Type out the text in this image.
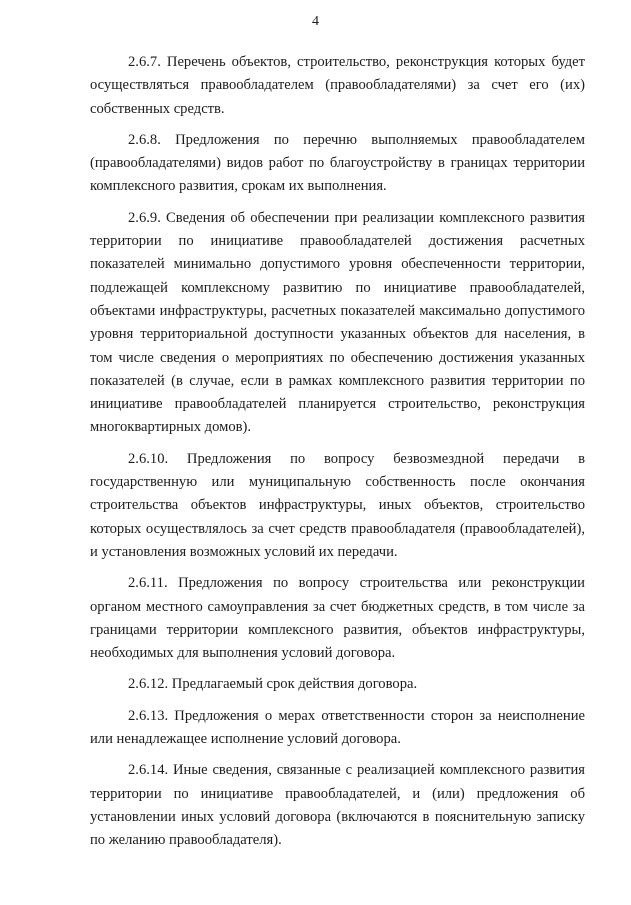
4

2.6.7. Перечень объектов, строительство, реконструкция которых будет осуществляться правообладателем (правообладателями) за счет его (их) собственных средств.

2.6.8. Предложения по перечню выполняемых правообладателем (правообладателями) видов работ по благоустройству в границах территории комплексного развития, срокам их выполнения.

2.6.9. Сведения об обеспечении при реализации комплексного развития территории по инициативе правообладателей достижения расчетных показателей минимально допустимого уровня обеспеченности территории, подлежащей комплексному развитию по инициативе правообладателей, объектами инфраструктуры, расчетных показателей максимально допустимого уровня территориальной доступности указанных объектов для населения, в том числе сведения о мероприятиях по обеспечению достижения указанных показателей (в случае, если в рамках комплексного развития территории по инициативе правообладателей планируется строительство, реконструкция многоквартирных домов).

2.6.10. Предложения по вопросу безвозмездной передачи в государственную или муниципальную собственность после окончания строительства объектов инфраструктуры, иных объектов, строительство которых осуществлялось за счет средств правообладателя (правообладателей), и установления возможных условий их передачи.

2.6.11. Предложения по вопросу строительства или реконструкции органом местного самоуправления за счет бюджетных средств, в том числе за границами территории комплексного развития, объектов инфраструктуры, необходимых для выполнения условий договора.

2.6.12. Предлагаемый срок действия договора.

2.6.13. Предложения о мерах ответственности сторон за неисполнение или ненадлежащее исполнение условий договора.

2.6.14. Иные сведения, связанные с реализацией комплексного развития территории по инициативе правообладателей, и (или) предложения об установлении иных условий договора (включаются в пояснительную записку по желанию правообладателя).
